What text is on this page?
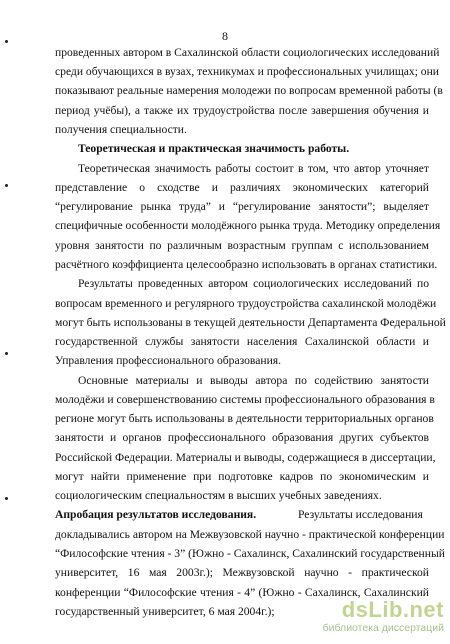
8
проведенных автором в Сахалинской области социологических исследований
среди обучающихся в вузах, техникумах и профессиональных училищах; они
показывают реальные намерения молодежи по вопросам временной работы (в
период учёбы), а также их трудоустройства после завершения обучения и
получения специальности.
Теоретическая и практическая значимость работы.
Теоретическая значимость работы состоит в том, что автор уточняет
представление о сходстве и различиях экономических категорий
“регулирование рынка труда” и “регулирование занятости”; выделяет
специфичные особенности молодёжного рынка труда. Методику определения
уровня занятости по различным возрастным группам с использованием
расчётного коэффициента целесообразно использовать в органах статистики.
Результаты проведенных автором социологических исследований по
вопросам временного и регулярного трудоустройства сахалинской молодёжи
могут быть использованы в текущей деятельности Департамента Федеральной
государственной службы занятости населения Сахалинской области и
Управления профессионального образования.
Основные материалы и выводы автора по содействию занятости
молодёжи и совершенствованию системы профессионального образования в
регионе могут быть использованы в деятельности территориальных органов
занятости и органов профессионального образования других субъектов
Российской Федерации. Материалы и выводы, содержащиеся в диссертации,
могут найти применение при подготовке кадров по экономическим и
социологическим специальностям в высших учебных заведениях.
Апробация результатов исследования.	Результаты исследования
докладывались автором на Межвузовской научно - практической конференции
“Философские чтения - 3” (Южно - Сахалинск, Сахалинский государственный
университет, 16 мая 2003г.); Межвузовской научно - практической
конференции “Философские чтения - 4” (Южно - Сахалинск, Сахалинский
государственный университет, 6 мая 2004г.);	dsLib.net
библиотека диссертаций
